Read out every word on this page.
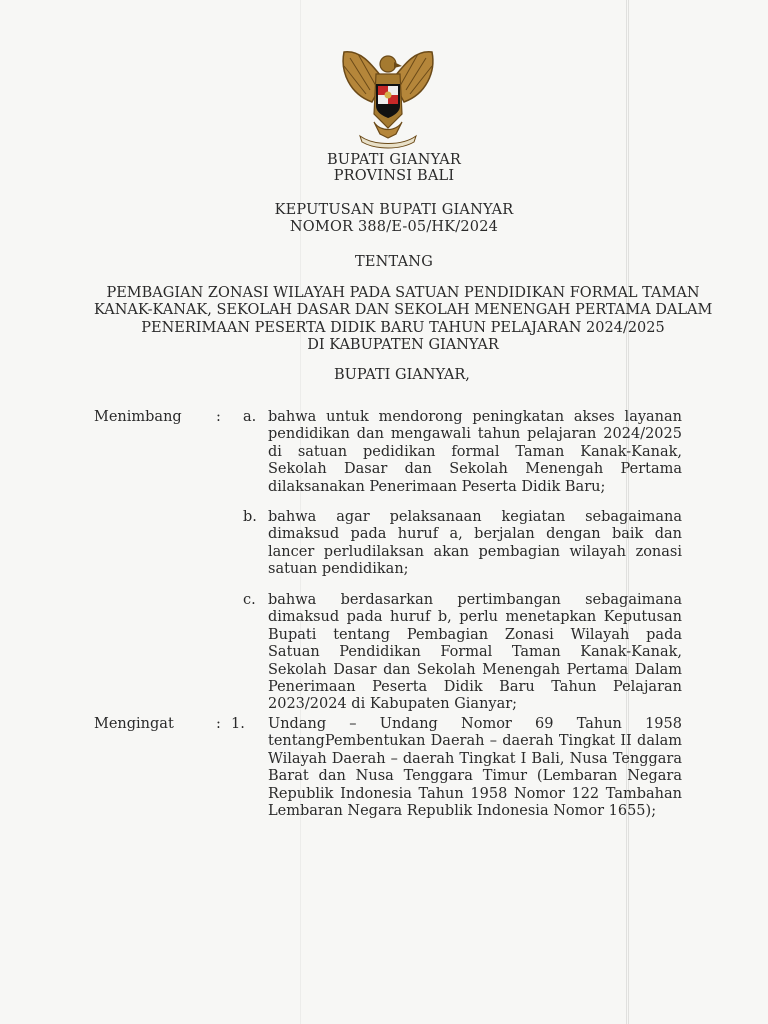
BUPATI GIANYAR
PROVINSI BALI
KEPUTUSAN BUPATI GIANYAR
NOMOR 388/E-05/HK/2024
TENTANG
PEMBAGIAN ZONASI WILAYAH PADA SATUAN PENDIDIKAN FORMAL TAMAN
KANAK-KANAK, SEKOLAH DASAR DAN SEKOLAH MENENGAH PERTAMA DALAM
PENERIMAAN PESERTA DIDIK BARU TAHUN PELAJARAN 2024/2025
DI KABUPATEN GIANYAR
BUPATI GIANYAR,
Menimbang : a. bahwa untuk mendorong peningkatan akses layanan
pendidikan dan mengawali tahun pelajaran 2024/2025
di satuan pedidikan formal Taman Kanak-Kanak,
Sekolah Dasar dan Sekolah Menengah Pertama
dilaksanakan Penerimaan Peserta Didik Baru;
b. bahwa agar pelaksanaan kegiatan sebagaimana
dimaksud pada huruf a, berjalan dengan baik dan
lancer perludilaksan akan pembagian wilayah zonasi
satuan pendidikan;
c. bahwa berdasarkan pertimbangan sebagaimana
dimaksud pada huruf b, perlu menetapkan Keputusan
Bupati tentang Pembagian Zonasi Wilayah pada
Satuan Pendidikan Formal Taman Kanak-Kanak,
Sekolah Dasar dan Sekolah Menengah Pertama Dalam
Penerimaan Peserta Didik Baru Tahun Pelajaran
2023/2024 di Kabupaten Gianyar;
Mengingat	: 1. Undang – Undang Nomor 69 Tahun 1958
tentangPembentukan Daerah – daerah Tingkat II dalam
Wilayah Daerah – daerah Tingkat I Bali, Nusa Tenggara
Barat dan Nusa Tenggara Timur (Lembaran Negara
Republik Indonesia Tahun 1958 Nomor 122 Tambahan
Lembaran Negara Republik Indonesia Nomor 1655);
